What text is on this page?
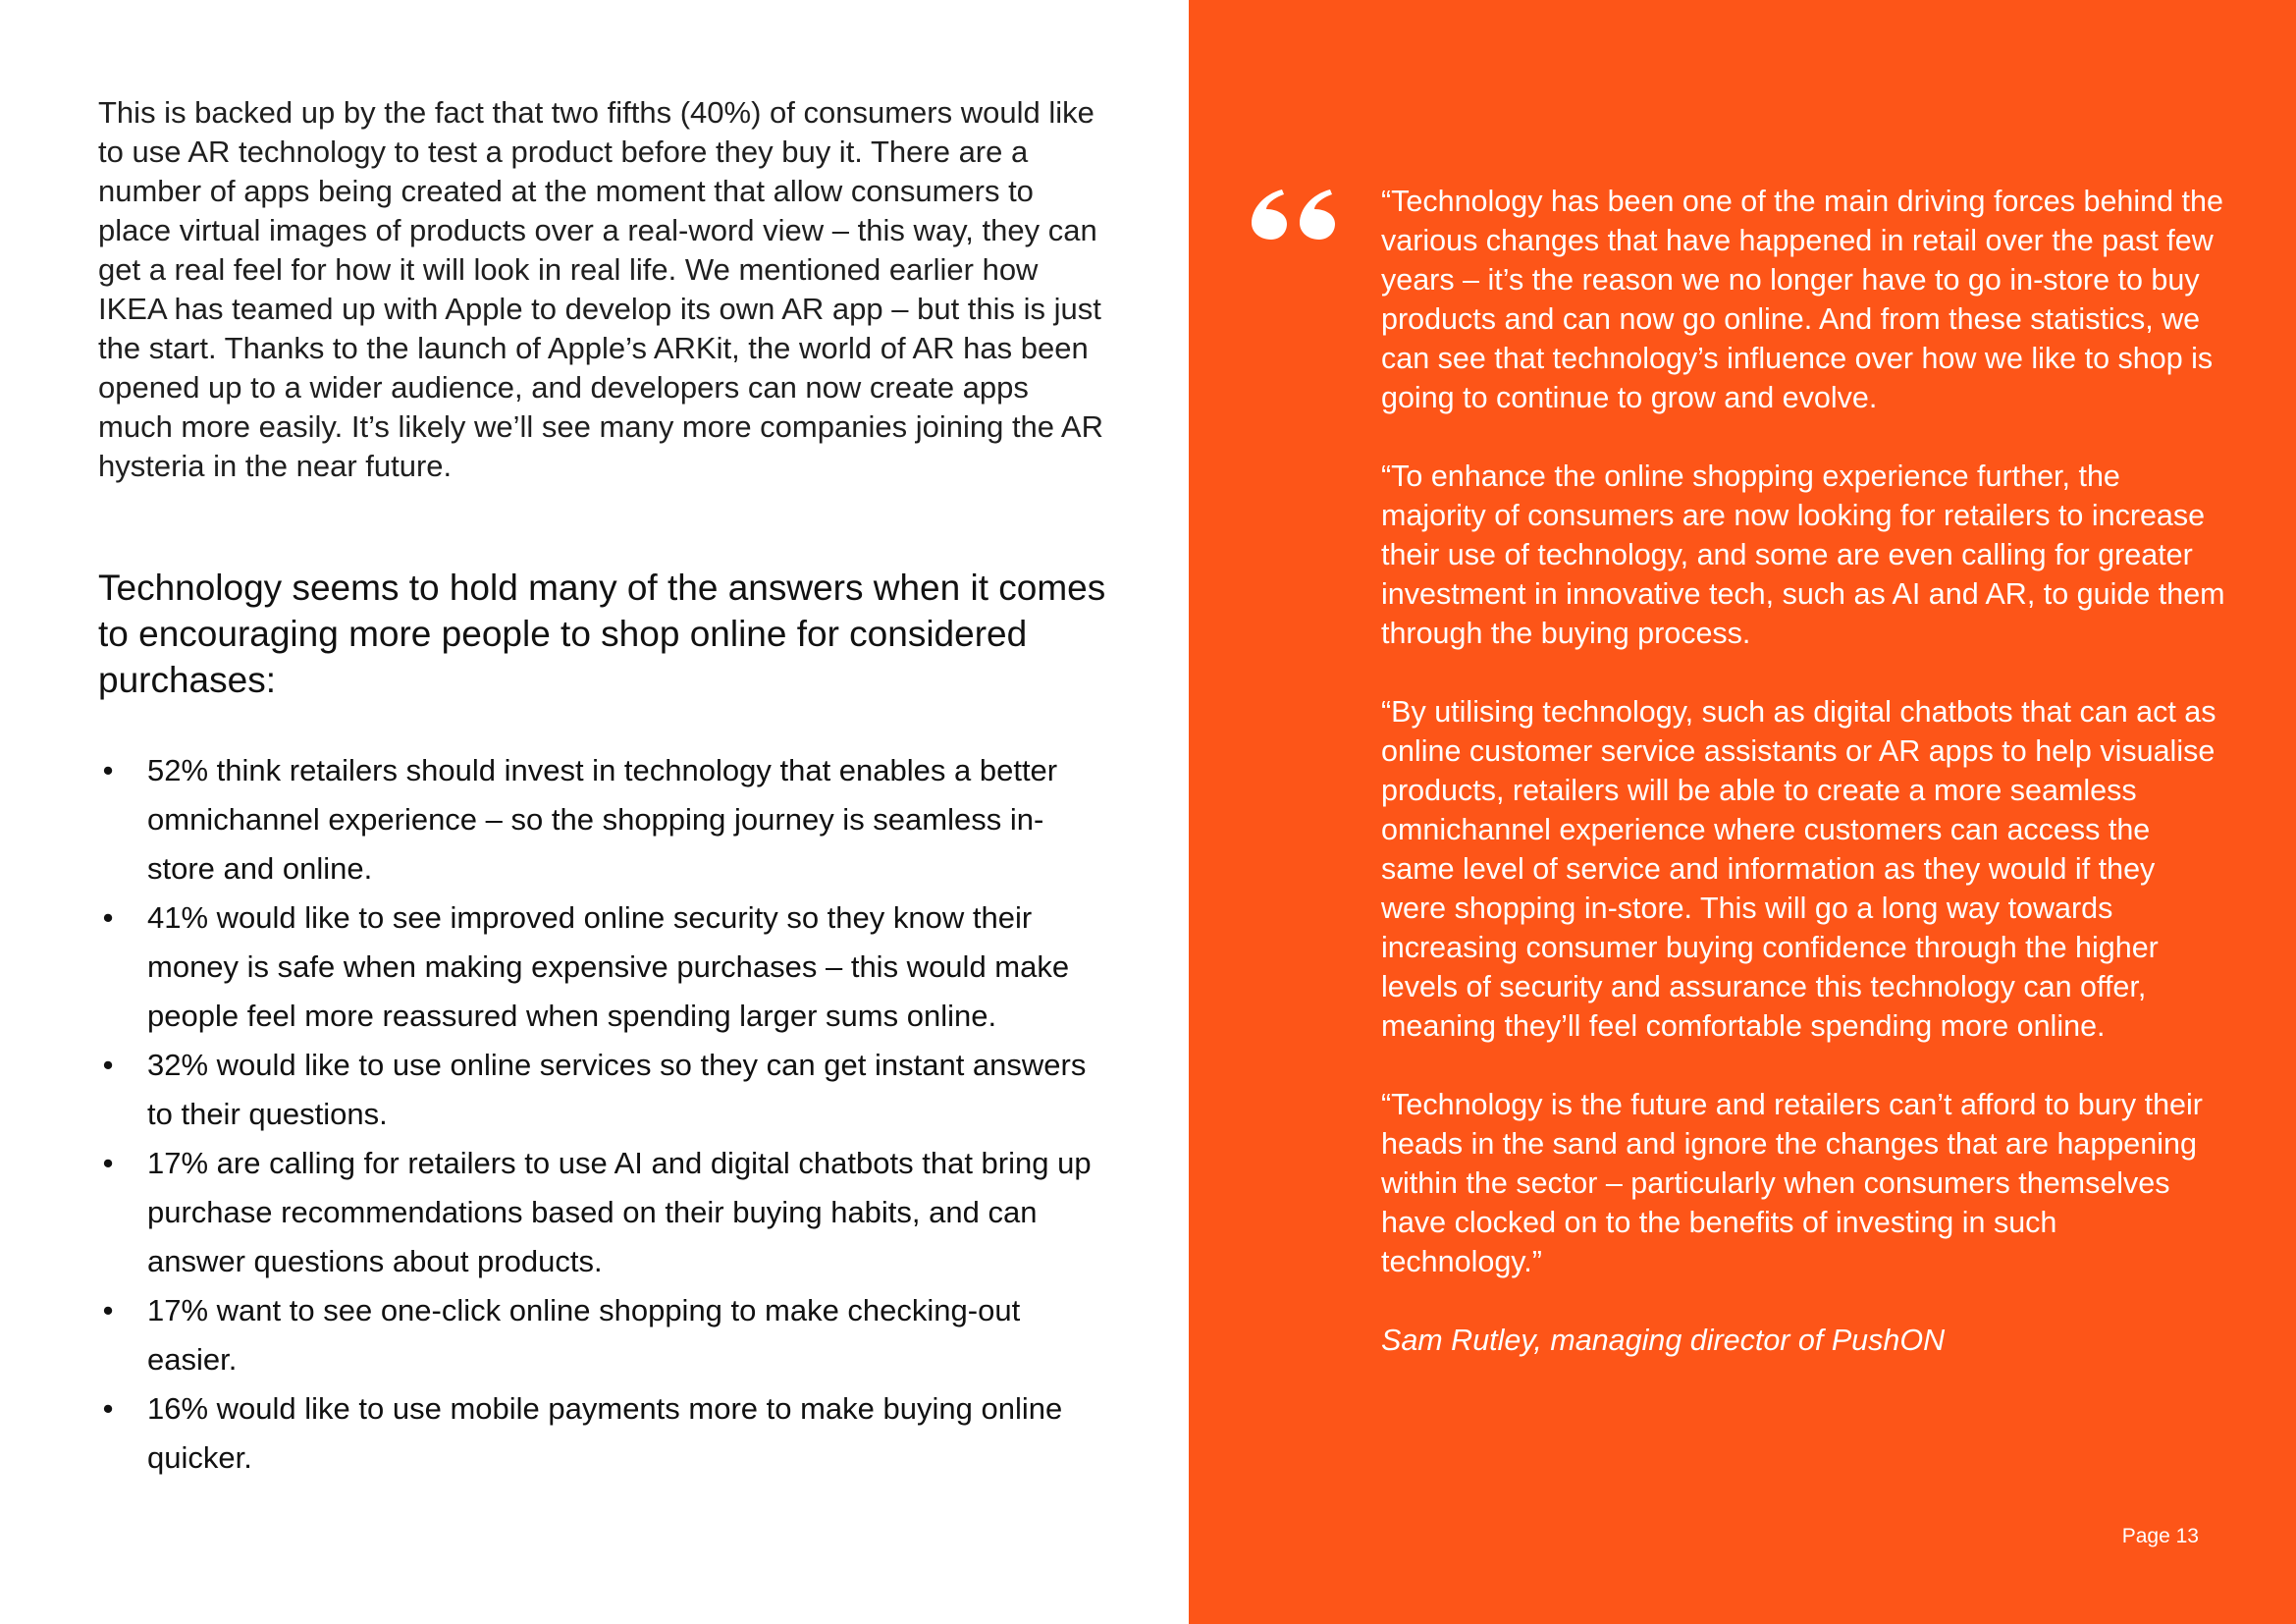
This is backed up by the fact that two fifths (40%) of consumers would like to use AR technology to test a product before they buy it. There are a number of apps being created at the moment that allow consumers to place virtual images of products over a real-word view – this way, they can get a real feel for how it will look in real life. We mentioned earlier how IKEA has teamed up with Apple to develop its own AR app – but this is just the start. Thanks to the launch of Apple’s ARKit, the world of AR has been opened up to a wider audience, and developers can now create apps much more easily. It’s likely we’ll see many more companies joining the AR hysteria in the near future.

Technology seems to hold many of the answers when it comes to encouraging more people to shop online for considered purchases:
• 52% think retailers should invest in technology that enables a better omnichannel experience – so the shopping journey is seamless in-store and online.
• 41% would like to see improved online security so they know their money is safe when making expensive purchases – this would make people feel more reassured when spending larger sums online.
• 32% would like to use online services so they can get instant answers to their questions.
• 17% are calling for retailers to use AI and digital chatbots that bring up purchase recommendations based on their buying habits, and can answer questions about products.
• 17% want to see one-click online shopping to make checking-out easier.
• 16% would like to use mobile payments more to make buying online quicker.

“Technology has been one of the main driving forces behind the various changes that have happened in retail over the past few years – it’s the reason we no longer have to go in-store to buy products and can now go online. And from these statistics, we can see that technology’s influence over how we like to shop is going to continue to grow and evolve.

“To enhance the online shopping experience further, the majority of consumers are now looking for retailers to increase their use of technology, and some are even calling for greater investment in innovative tech, such as AI and AR, to guide them through the buying process.

“By utilising technology, such as digital chatbots that can act as online customer service assistants or AR apps to help visualise products, retailers will be able to create a more seamless omnichannel experience where customers can access the same level of service and information as they would if they were shopping in-store. This will go a long way towards increasing consumer buying confidence through the higher levels of security and assurance this technology can offer, meaning they’ll feel comfortable spending more online.

“Technology is the future and retailers can’t afford to bury their heads in the sand and ignore the changes that are happening within the sector – particularly when consumers themselves have clocked on to the benefits of investing in such technology.”

Sam Rutley, managing director of PushON

Page 13
